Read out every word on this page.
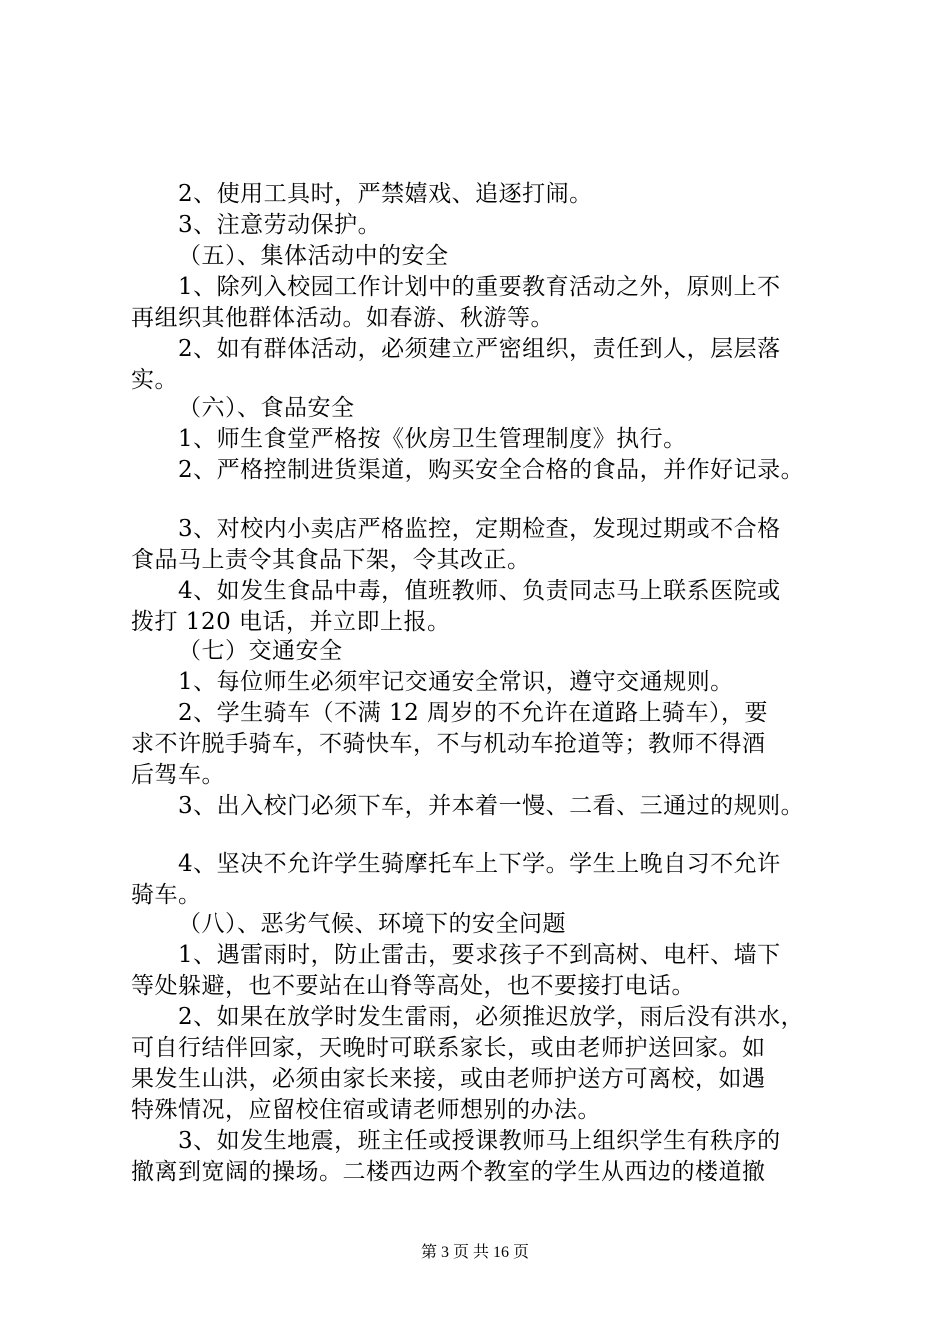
2、使用工具时，严禁嬉戏、追逐打闹。
3、注意劳动保护。
（五）、集体活动中的安全
1、除列入校园工作计划中的重要教育活动之外，原则上不
再组织其他群体活动。如春游、秋游等。
2、如有群体活动，必须建立严密组织，责任到人，层层落
实。
（六）、食品安全
1、师生食堂严格按《伙房卫生管理制度》执行。
2、严格控制进货渠道，购买安全合格的食品，并作好记录。
3、对校内小卖店严格监控，定期检查，发现过期或不合格
食品马上责令其食品下架，令其改正。
4、如发生食品中毒，值班教师、负责同志马上联系医院或
拨打 120 电话，并立即上报。
（七）交通安全
1、每位师生必须牢记交通安全常识，遵守交通规则。
2、学生骑车（不满 12 周岁的不允许在道路上骑车），要
求不许脱手骑车，不骑快车，不与机动车抢道等；教师不得酒
后驾车。
3、出入校门必须下车，并本着一慢、二看、三通过的规则。
4、坚决不允许学生骑摩托车上下学。学生上晚自习不允许
骑车。
（八）、恶劣气候、环境下的安全问题
1、遇雷雨时，防止雷击，要求孩子不到高树、电杆、墙下
等处躲避，也不要站在山脊等高处，也不要接打电话。
2、如果在放学时发生雷雨，必须推迟放学，雨后没有洪水，
可自行结伴回家，天晚时可联系家长，或由老师护送回家。如
果发生山洪，必须由家长来接，或由老师护送方可离校，如遇
特殊情况，应留校住宿或请老师想别的办法。
3、如发生地震，班主任或授课教师马上组织学生有秩序的
撤离到宽阔的操场。二楼西边两个教室的学生从西边的楼道撤
第 3 页 共 16 页
